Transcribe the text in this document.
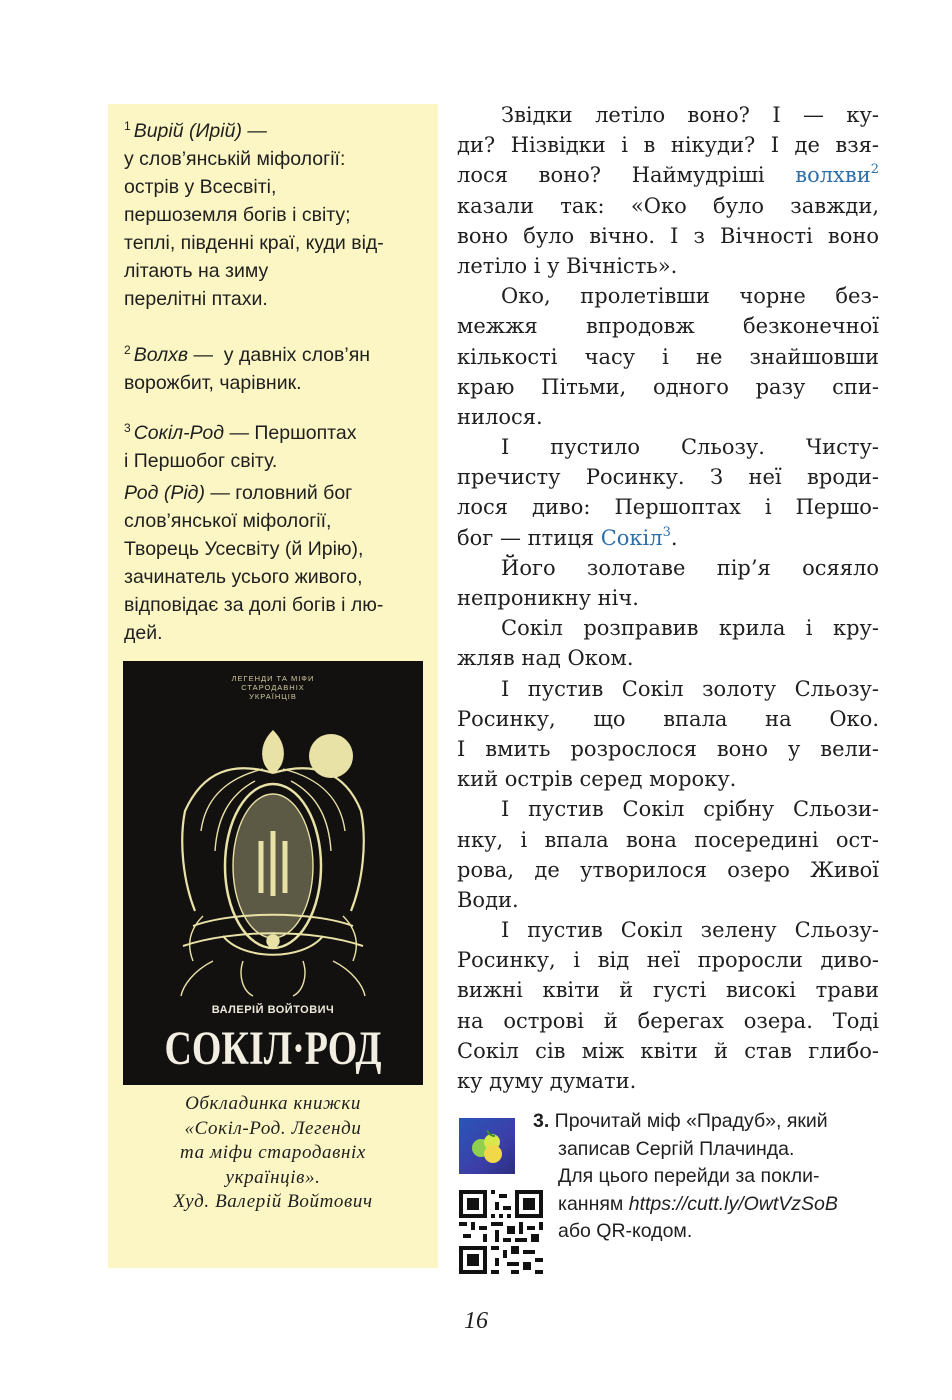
$^1$ Вирій (Ирій) —
у слов’янській міфології:
острів у Всесвіті,
першоземля богів і світу;
теплі, південні краї, куди від-
літають на зиму
перелітні птахи.
$^2$ Волхв —  у давніх слов’ян
ворожбит, чарівник.
$^3$ Сокіл-Род — Першоптах
і Першобог світу.
Род (Рід) — головний бог
слов’янської міфології,
Творець Усесвіту (й Ирію),
зачинатель усього живого,
відповідає за долі богів і лю-
дей.
ЛЕГЕНДИ ТА МІФИ
СТАРОДАВНІХ
УКРАЇНЦІВ
ВАЛЕРІЙ ВОЙТОВИЧ
СОКІЛ·РОД
Обкладинка книжки
«Сокіл-Род. Легенди
та міфи стародавніх
українців».
Худ. Валерій Войтович
Звідки летіло воно? І — ку-
ди? Нізвідки і в нікуди? І де взя-
лося воно? Наймудріші волхви$^2$
казали так: «Око було завжди,
воно було вічно. І з Вічності воно
летіло і у Вічність».
Око, пролетівши чорне без-
межжя впродовж безконечної
кількості часу і не знайшовши
краю Пітьми, одного разу спи-
нилося.
І пустило Сльозу. Чисту-
пречисту Росинку. З неї вроди-
лося диво: Першоптах і Першо-
бог — птиця Сокіл$^3$.
Його золотаве пір’я осяяло
непроникну ніч.
Сокіл розправив крила і кру-
жляв над Оком.
І пустив Сокіл золоту Сльозу-
Росинку, що впала на Око.
І вмить розрослося воно у вели-
кий острів серед мороку.
І пустив Сокіл срібну Сльози-
нку, і впала вона посередині ост-
рова, де утворилося озеро Живої
Води.
І пустив Сокіл зелену Сльозу-
Росинку, і від неї проросли диво-
вижні квіти й густі високі трави
на острові й берегах озера. Тоді
Сокіл сів між квіти й став глибо-
ку думу думати.
3. Прочитай міф «Прадуб», який
записав Сергій Плачинда.
Для цього перейди за покли-
канням https://cutt.ly/OwtVzSoB
або QR-кодом.
16
